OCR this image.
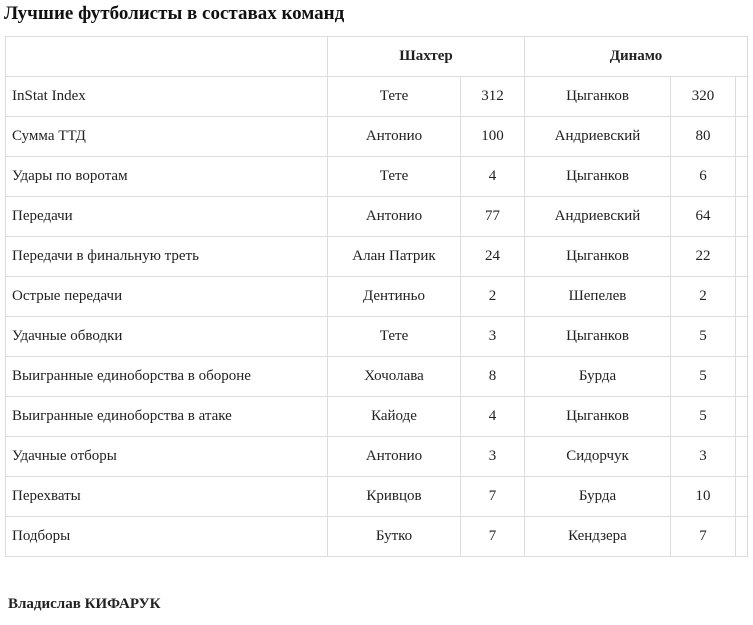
Лучшие футболисты в составах команд
	Шахтер		Динамо		
InStat Index	Тете	312	Цыганков	320	
Сумма ТТД	Антонио	100	Андриевский	80	
Удары по воротам	Тете	4	Цыганков	6	
Передачи	Антонио	77	Андриевский	64	
Передачи в финальную треть	Алан Патрик	24	Цыганков	22	
Острые передачи	Дентиньо	2	Шепелев	2	
Удачные обводки	Тете	3	Цыганков	5	
Выигранные единоборства в обороне	Хочолава	8	Бурда	5	
Выигранные единоборства в атаке	Кайоде	4	Цыганков	5	
Удачные отборы	Антонио	3	Сидорчук	3	
Перехваты	Кривцов	7	Бурда	10	
Подборы	Бутко	7	Кендзера	7	

Владислав КИФАРУК
